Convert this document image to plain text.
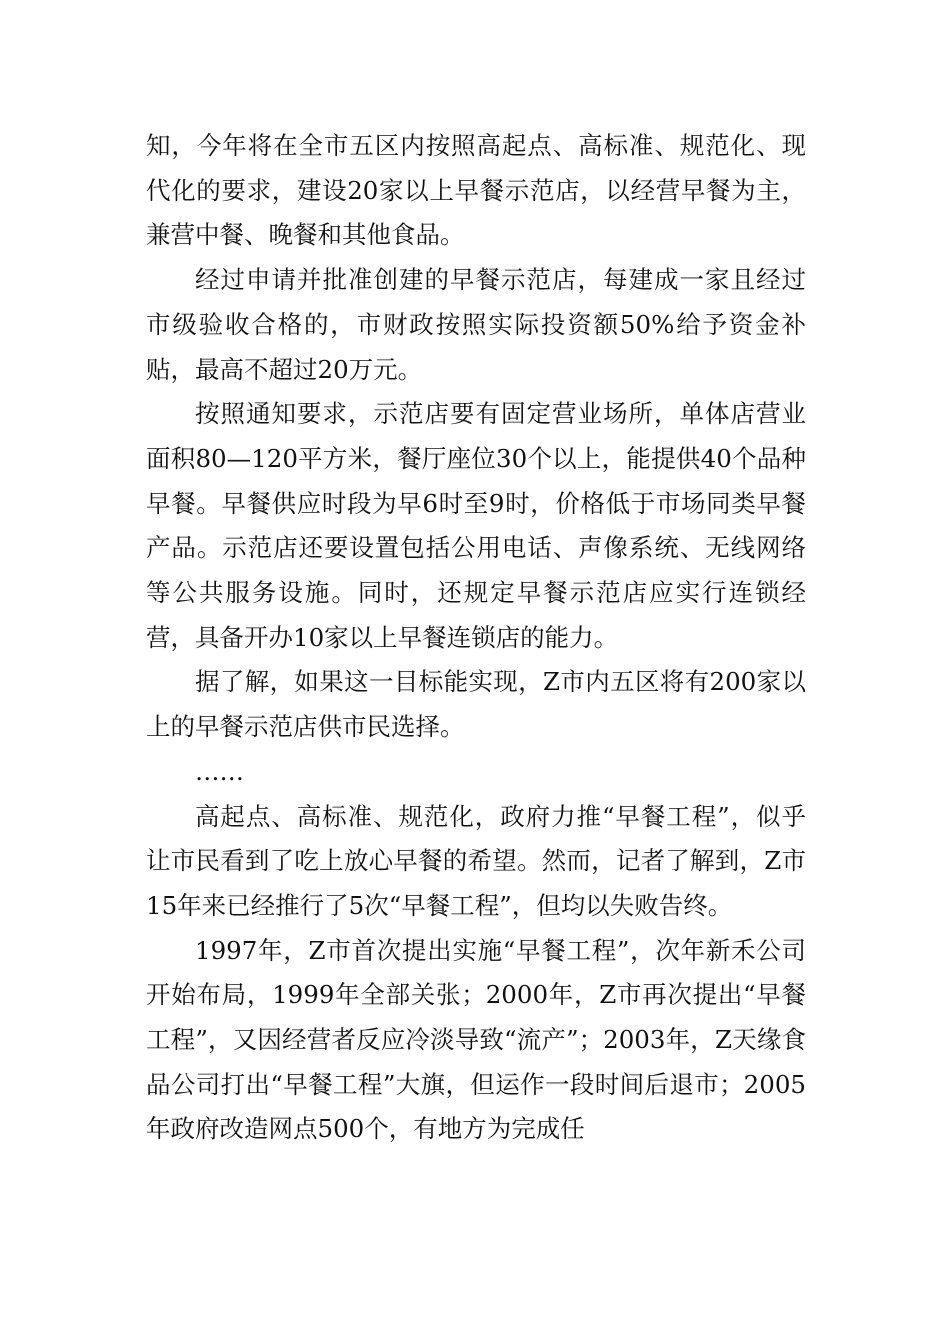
知，今年将在全市五区内按照高起点、高标准、规范化、现代化的要求，建设20家以上早餐示范店，以经营早餐为主，兼营中餐、晚餐和其他食品。

经过申请并批准创建的早餐示范店，每建成一家且经过市级验收合格的，市财政按照实际投资额50%给予资金补贴，最高不超过20万元。

按照通知要求，示范店要有固定营业场所，单体店营业面积80—120平方米，餐厅座位30个以上，能提供40个品种早餐。早餐供应时段为早6时至9时，价格低于市场同类早餐产品。示范店还要设置包括公用电话、声像系统、无线网络等公共服务设施。同时，还规定早餐示范店应实行连锁经营，具备开办10家以上早餐连锁店的能力。

据了解，如果这一目标能实现，Z市内五区将有200家以上的早餐示范店供市民选择。

……

高起点、高标准、规范化，政府力推“早餐工程”，似乎让市民看到了吃上放心早餐的希望。然而，记者了解到，Z市15年来已经推行了5次“早餐工程”，但均以失败告终。

1997年，Z市首次提出实施“早餐工程”，次年新禾公司开始布局，1999年全部关张；2000年，Z市再次提出“早餐工程”，又因经营者反应冷淡导致“流产”；2003年，Z天缘食品公司打出“早餐工程”大旗，但运作一段时间后退市；2005年政府改造网点500个，有地方为完成任
